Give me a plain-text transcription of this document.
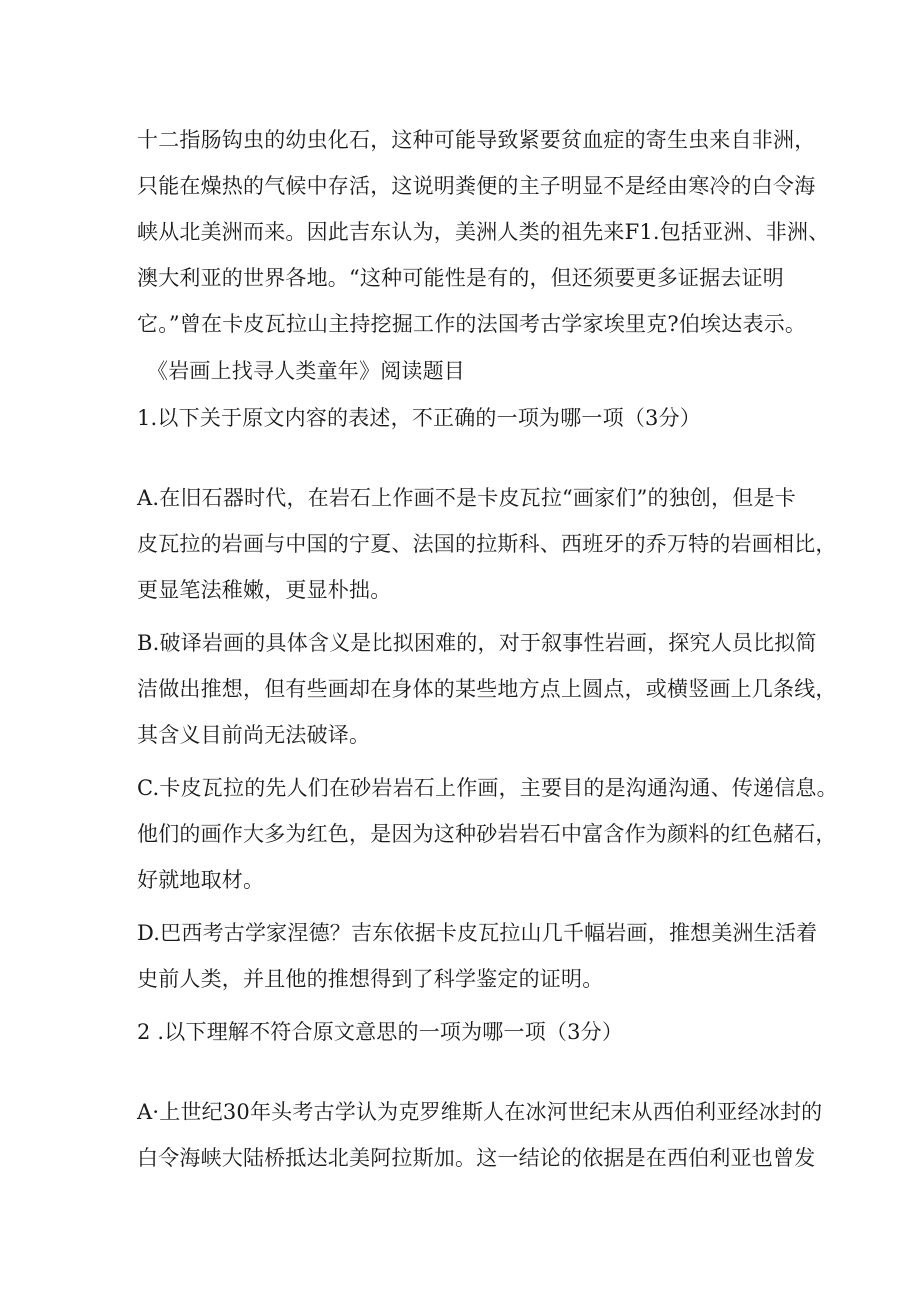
十二指肠钩虫的幼虫化石，这种可能导致紧要贫血症的寄生虫来自非洲，
只能在燥热的气候中存活，这说明粪便的主子明显不是经由寒冷的白令海
峡从北美洲而来。因此吉东认为，美洲人类的祖先来F1.包括亚洲、非洲、
澳大利亚的世界各地。“这种可能性是有的，但还须要更多证据去证明
它。”曾在卡皮瓦拉山主持挖掘工作的法国考古学家埃里克?伯埃达表示。
《岩画上找寻人类童年》阅读题目
1.以下关于原文内容的表述，不正确的一项为哪一项（3分）
A.在旧石器时代，在岩石上作画不是卡皮瓦拉“画家们”的独创，但是卡
皮瓦拉的岩画与中国的宁夏、法国的拉斯科、西班牙的乔万特的岩画相比，
更显笔法稚嫩，更显朴拙。
B.破译岩画的具体含义是比拟困难的，对于叙事性岩画，探究人员比拟简
洁做出推想，但有些画却在身体的某些地方点上圆点，或横竖画上几条线，
其含义目前尚无法破译。
C.卡皮瓦拉的先人们在砂岩岩石上作画，主要目的是沟通沟通、传递信息。
他们的画作大多为红色，是因为这种砂岩岩石中富含作为颜料的红色赭石，
好就地取材。
D.巴西考古学家涅德？吉东依据卡皮瓦拉山几千幅岩画，推想美洲生活着
史前人类，并且他的推想得到了科学鉴定的证明。
2 .以下理解不符合原文意思的一项为哪一项（3分）
A·上世纪30年头考古学认为克罗维斯人在冰河世纪末从西伯利亚经冰封的
白令海峡大陆桥抵达北美阿拉斯加。这一结论的依据是在西伯利亚也曾发
